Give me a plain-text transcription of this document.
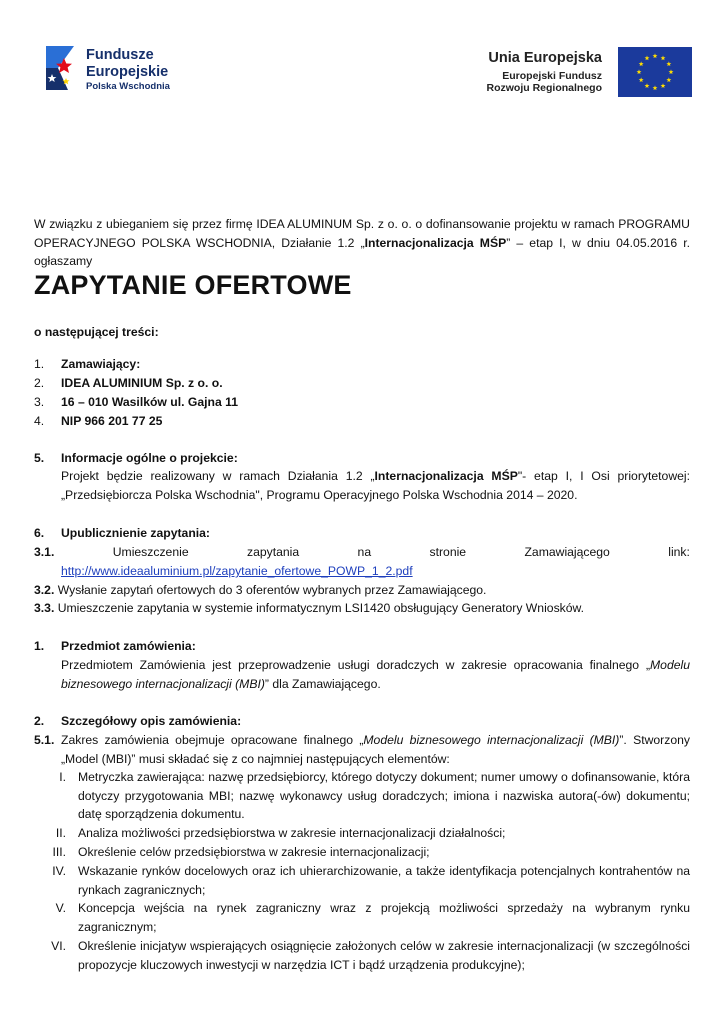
Fundusze
Europejskie
Polska Wschodnia
Unia Europejska
Europejski Fundusz
Rozwoju Regionalnego
W związku z ubieganiem się przez firmę IDEA ALUMINUM Sp. z o. o. o dofinansowanie projektu w ramach PROGRAMU OPERACYJNEGO POLSKA WSCHODNIA, Działanie 1.2 „Internacjonalizacja MŚP” – etap I, w dniu 04.05.2016 r. ogłaszamy
ZAPYTANIE OFERTOWE
o następującej treści:
1.	Zamawiający:
2.	IDEA ALUMINIUM Sp. z o. o.
3.	16 – 010 Wasilków ul. Gajna 11
4.	NIP 966 201 77 25
5.	Informacje ogólne o projekcie:
Projekt będzie realizowany w ramach Działania 1.2 „Internacjonalizacja MŚP"- etap I, I Osi priorytetowej: „Przedsiębiorcza Polska Wschodnia", Programu Operacyjnego Polska Wschodnia 2014 – 2020.
6.	Upublicznienie zapytania:
3.1.	Umieszczenie	zapytania	na	stronie	Zamawiającego	link:
http://www.ideaaluminium.pl/zapytanie_ofertowe_POWP_1_2.pdf
3.2. Wysłanie zapytań ofertowych do 3 oferentów wybranych przez Zamawiającego.
3.3. Umieszczenie zapytania w systemie informatycznym LSI1420 obsługujący Generatory Wniosków.
1.	Przedmiot zamówienia:
Przedmiotem Zamówienia jest przeprowadzenie usługi doradczych w zakresie opracowania finalnego „Modelu biznesowego internacjonalizacji (MBI)” dla Zamawiającego.
2.	Szczegółowy opis zamówienia:
5.1. Zakres zamówienia obejmuje opracowane finalnego „Modelu biznesowego internacjonalizacji (MBI)”. Stworzony „Model (MBI)” musi składać się z co najmniej następujących elementów:
I. Metryczka zawierająca: nazwę przedsiębiorcy, którego dotyczy dokument; numer umowy o dofinansowanie, która dotyczy przygotowania MBI; nazwę wykonawcy usług doradczych; imiona i nazwiska autora(-ów) dokumentu; datę sporządzenia dokumentu.
II. Analiza możliwości przedsiębiorstwa w zakresie internacjonalizacji działalności;
III. Określenie celów przedsiębiorstwa w zakresie internacjonalizacji;
IV. Wskazanie rynków docelowych oraz ich uhierarchizowanie, a także identyfikacja potencjalnych kontrahentów na rynkach zagranicznych;
V. Koncepcja wejścia na rynek zagraniczny wraz z projekcją możliwości sprzedaży na wybranym rynku zagranicznym;
VI. Określenie inicjatyw wspierających osiągnięcie założonych celów w zakresie internacjonalizacji (w szczególności propozycje kluczowych inwestycji w narzędzia ICT i bądź urządzenia produkcyjne);
